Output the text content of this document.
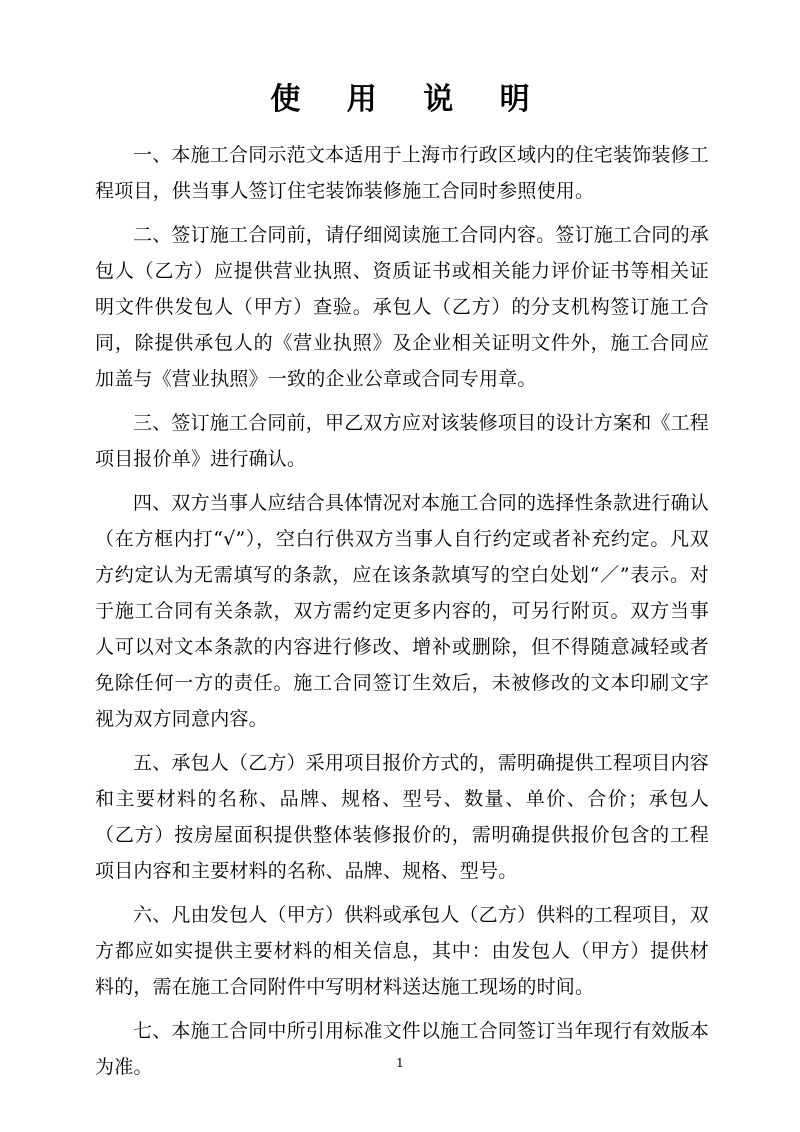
使 用 说 明

一、本施工合同示范文本适用于上海市行政区域内的住宅装饰装修工程项目，供当事人签订住宅装饰装修施工合同时参照使用。

二、签订施工合同前，请仔细阅读施工合同内容。签订施工合同的承包人（乙方）应提供营业执照、资质证书或相关能力评价证书等相关证明文件供发包人（甲方）查验。承包人（乙方）的分支机构签订施工合同，除提供承包人的《营业执照》及企业相关证明文件外，施工合同应加盖与《营业执照》一致的企业公章或合同专用章。

三、签订施工合同前，甲乙双方应对该装修项目的设计方案和《工程项目报价单》进行确认。

四、双方当事人应结合具体情况对本施工合同的选择性条款进行确认（在方框内打“√”），空白行供双方当事人自行约定或者补充约定。凡双方约定认为无需填写的条款，应在该条款填写的空白处划“／”表示。对于施工合同有关条款，双方需约定更多内容的，可另行附页。双方当事人可以对文本条款的内容进行修改、增补或删除，但不得随意减轻或者免除任何一方的责任。施工合同签订生效后，未被修改的文本印刷文字视为双方同意内容。

五、承包人（乙方）采用项目报价方式的，需明确提供工程项目内容和主要材料的名称、品牌、规格、型号、数量、单价、合价；承包人（乙方）按房屋面积提供整体装修报价的，需明确提供报价包含的工程项目内容和主要材料的名称、品牌、规格、型号。

六、凡由发包人（甲方）供料或承包人（乙方）供料的工程项目，双方都应如实提供主要材料的相关信息，其中：由发包人（甲方）提供材料的，需在施工合同附件中写明材料送达施工现场的时间。

七、本施工合同中所引用标准文件以施工合同签订当年现行有效版本为准。	1
